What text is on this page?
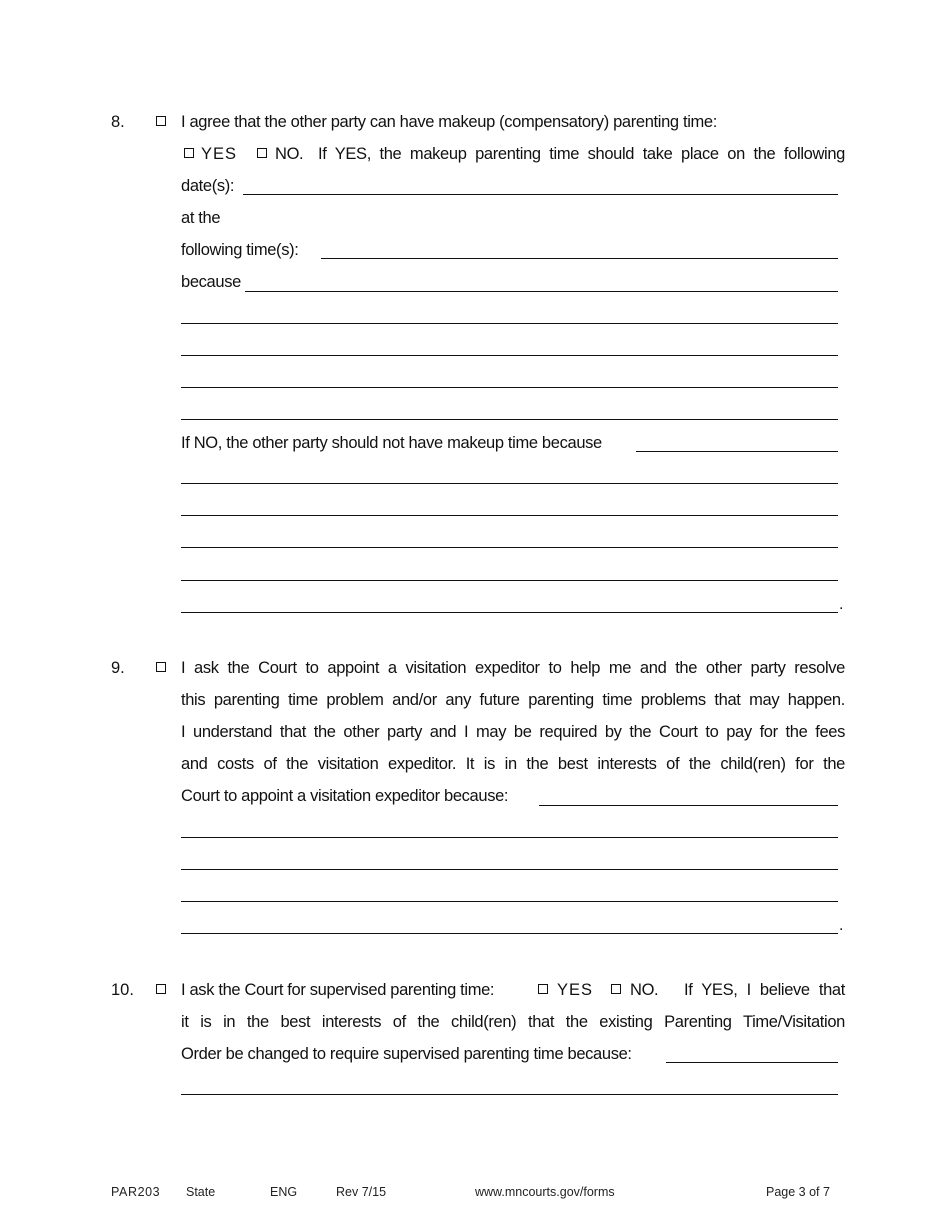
8.	I agree that the other party can have makeup (compensatory) parenting time:
YES NO. If YES, the makeup parenting time should take place on the following
date(s):
at the
following time(s):
because
If NO, the other party should not have makeup time because
.
9.	I ask the Court to appoint a visitation expeditor to help me and the other party resolve
this parenting time problem and/or any future parenting time problems that may happen.
I understand that the other party and I may be required by the Court to pay for the fees
and costs of the visitation expeditor. It is in the best interests of the child(ren) for the
Court to appoint a visitation expeditor because:
.
10.	I ask the Court for supervised parenting time:	YES NO. If YES, I believe that
it is in the best interests of the child(ren) that the existing Parenting Time/Visitation
Order be changed to require supervised parenting time because:
PAR203 State	ENG	Rev 7/15	www.mncourts.gov/forms	Page 3 of 7
